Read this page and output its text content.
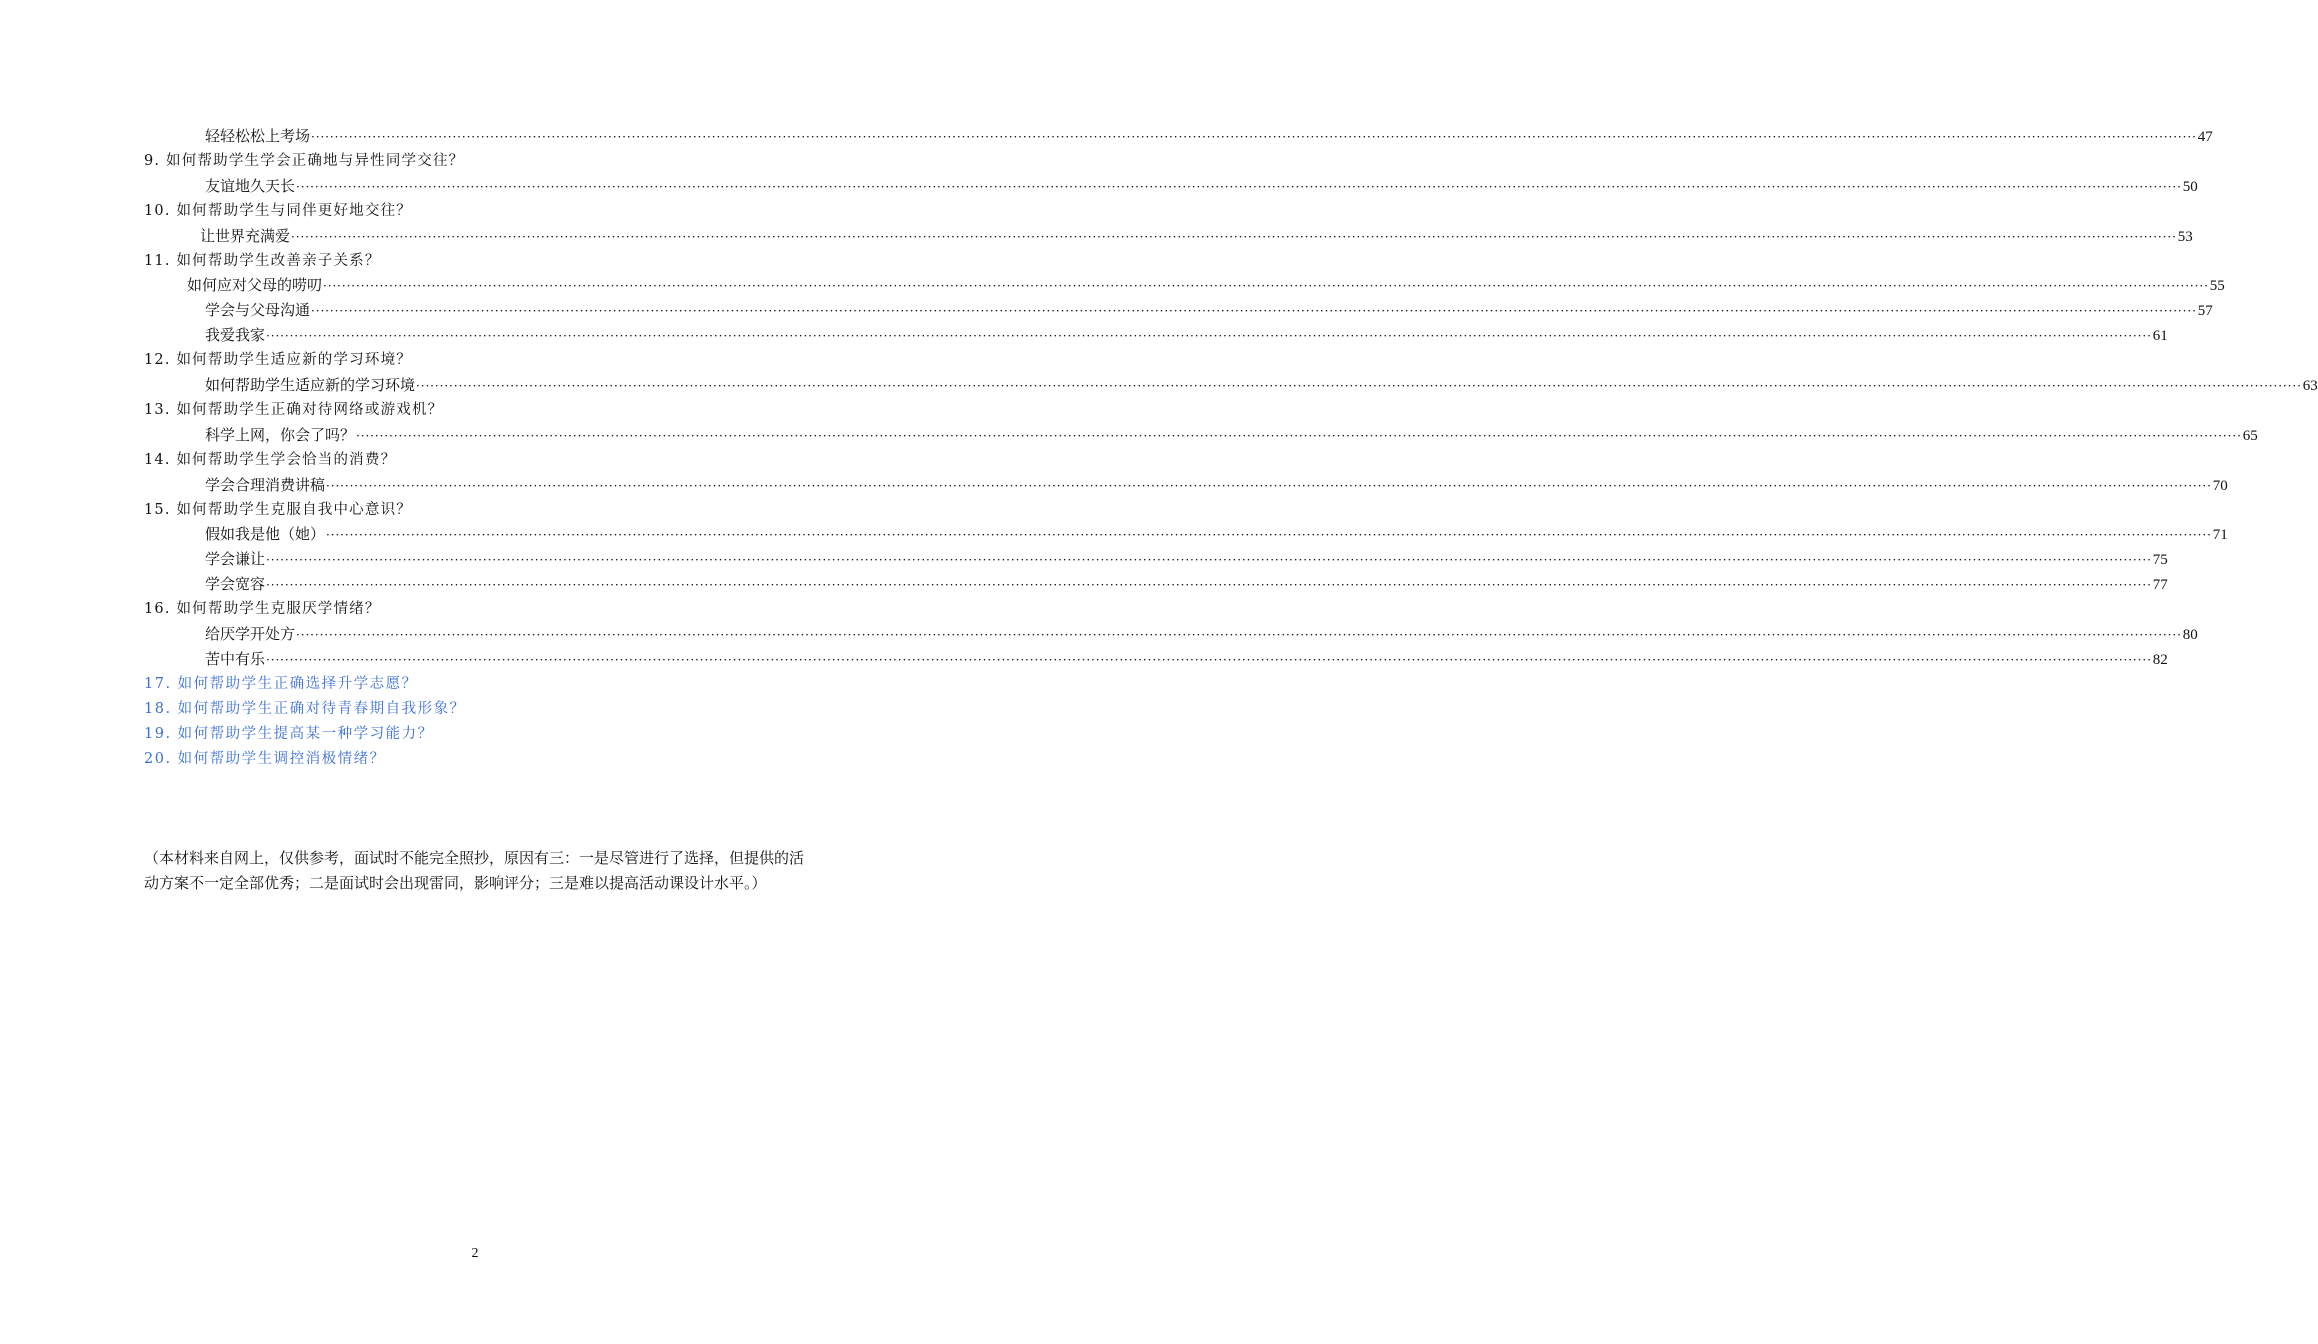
轻轻松松上考场 ················································································································································································································································································································································································································ 47
9. 如何帮助学生学会正确地与异性同学交往？
友谊地久天长 ················································································································································································································································································································································································································ 50
10. 如何帮助学生与同伴更好地交往？
让世界充满爱 ················································································································································································································································································································································································································ 53
11. 如何帮助学生改善亲子关系？
如何应对父母的唠叨 ················································································································································································································································································································································································································ 55
学会与父母沟通 ················································································································································································································································································································································································································ 57
我爱我家 ················································································································································································································································································································································································································ 61
12. 如何帮助学生适应新的学习环境？
如何帮助学生适应新的学习环境 ················································································································································································································································································································································································································ 63
13. 如何帮助学生正确对待网络或游戏机？
科学上网，你会了吗？ ················································································································································································································································································································································································································ 65
14. 如何帮助学生学会恰当的消费？
学会合理消费讲稿 ················································································································································································································································································································································································································ 70
15. 如何帮助学生克服自我中心意识？
假如我是他（她） ················································································································································································································································································································································································································ 71
学会谦让 ················································································································································································································································································································································································································ 75
学会宽容 ················································································································································································································································································································································································································ 77
16. 如何帮助学生克服厌学情绪？
给厌学开处方 ················································································································································································································································································································································································································ 80
苦中有乐 ················································································································································································································································································································································································································ 82
17. 如何帮助学生正确选择升学志愿？
18. 如何帮助学生正确对待青春期自我形象？
19. 如何帮助学生提高某一种学习能力？
20. 如何帮助学生调控消极情绪？
（本材料来自网上，仅供参考，面试时不能完全照抄，原因有三：一是尽管进行了选择，但提供的活动方案不一定全部优秀；二是面试时会出现雷同，影响评分；三是难以提高活动课设计水平。）
2
